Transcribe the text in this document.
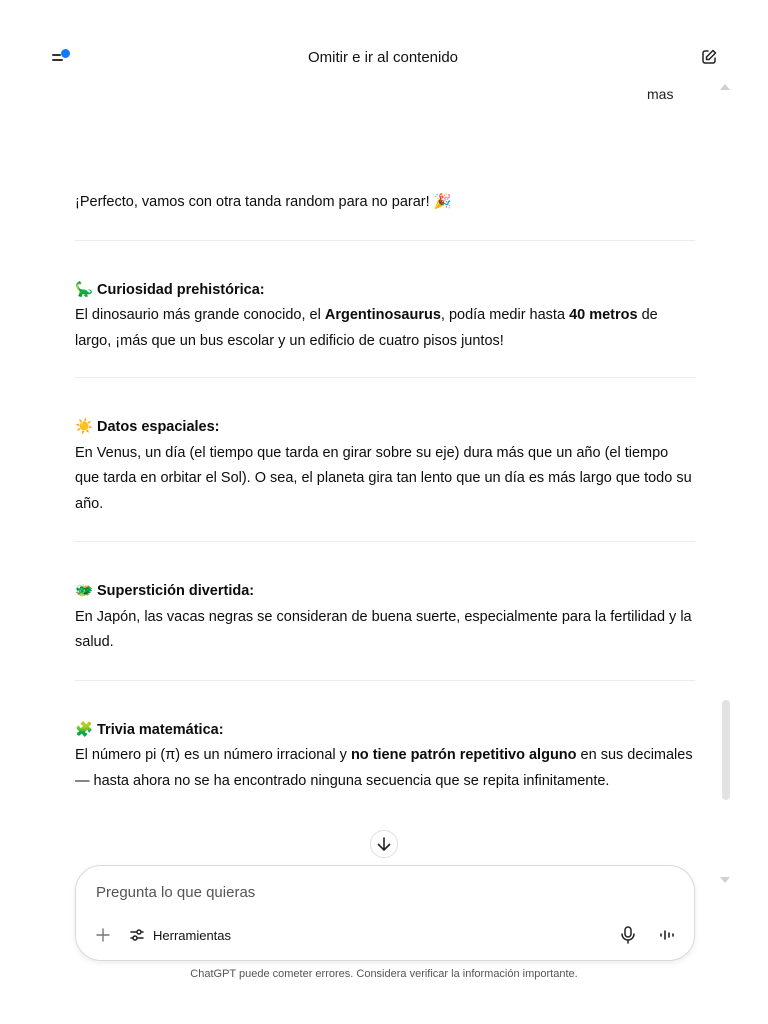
Omitir e ir al contenido
mas

¡Perfecto, vamos con otra tanda random para no parar! 🎉

🦕 Curiosidad prehistórica:

El dinosaurio más grande conocido, el Argentinosaurus, podía medir hasta 40 metros de largo, ¡más que un bus escolar y un edificio de cuatro pisos juntos!

☀️ Datos espaciales:

En Venus, un día (el tiempo que tarda en girar sobre su eje) dura más que un año (el tiempo que tarda en orbitar el Sol). O sea, el planeta gira tan lento que un día es más largo que todo su año.

🐲 Superstición divertida:

En Japón, las vacas negras se consideran de buena suerte, especialmente para la fertilidad y la salud.

🧩 Trivia matemática:

El número pi (π) es un número irracional y no tiene patrón repetitivo alguno en sus decimales — hasta ahora no se ha encontrado ninguna secuencia que se repita infinitamente.

Pregunta lo que quieras
Herramientas
ChatGPT puede cometer errores. Considera verificar la información importante.
